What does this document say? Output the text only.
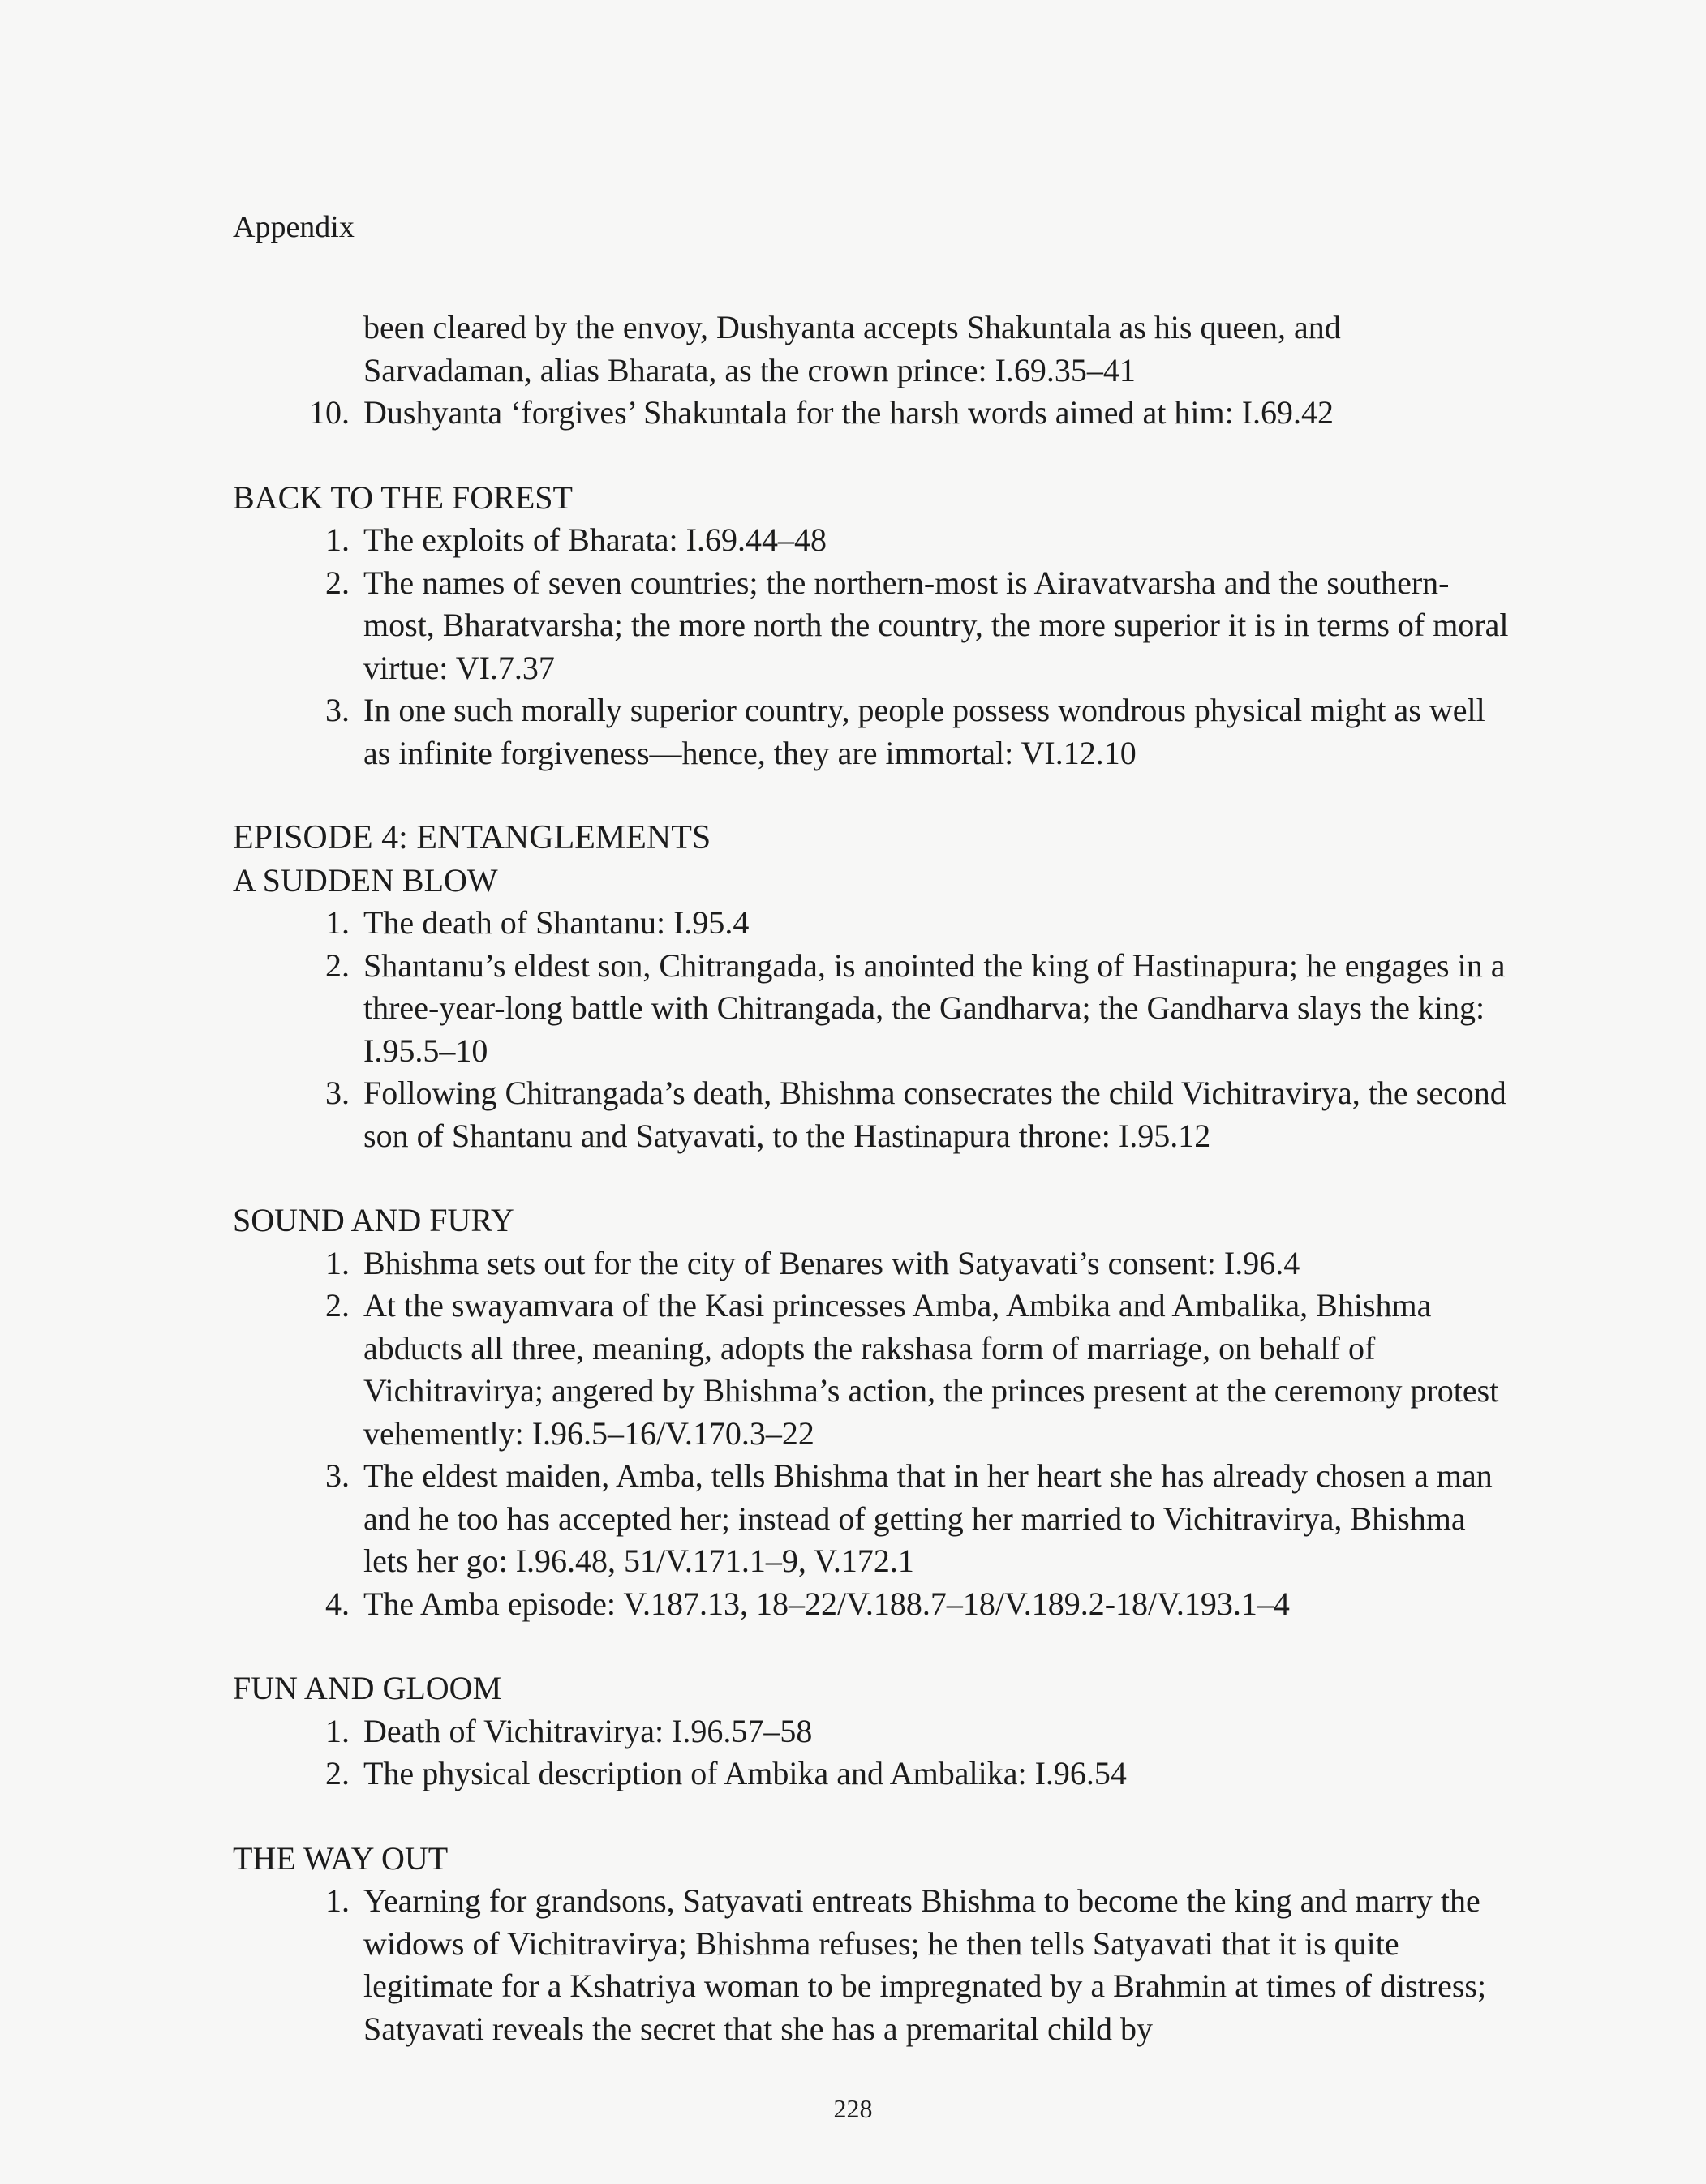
Appendix
been cleared by the envoy, Dushyanta accepts Shakuntala as his queen, and Sarvadaman, alias Bharata, as the crown prince: I.69.35–41
10. Dushyanta ‘forgives’ Shakuntala for the harsh words aimed at him: I.69.42
BACK TO THE FOREST
1. The exploits of Bharata: I.69.44–48
2. The names of seven countries; the northern-most is Airavatvarsha and the southern-most, Bharatvarsha; the more north the country, the more superior it is in terms of moral virtue: VI.7.37
3. In one such morally superior country, people possess wondrous physical might as well as infinite forgiveness—hence, they are immortal: VI.12.10
EPISODE 4: ENTANGLEMENTS
A SUDDEN BLOW
1. The death of Shantanu: I.95.4
2. Shantanu’s eldest son, Chitrangada, is anointed the king of Hastinapura; he engages in a three-year-long battle with Chitrangada, the Gandharva; the Gandharva slays the king: I.95.5–10
3. Following Chitrangada’s death, Bhishma consecrates the child Vichitravirya, the second son of Shantanu and Satyavati, to the Hastinapura throne: I.95.12
SOUND AND FURY
1. Bhishma sets out for the city of Benares with Satyavati’s consent: I.96.4
2. At the swayamvara of the Kasi princesses Amba, Ambika and Ambalika, Bhishma abducts all three, meaning, adopts the rakshasa form of marriage, on behalf of Vichitravirya; angered by Bhishma’s action, the princes present at the ceremony protest vehemently: I.96.5–16/V.170.3–22
3. The eldest maiden, Amba, tells Bhishma that in her heart she has already chosen a man and he too has accepted her; instead of getting her married to Vichitravirya, Bhishma lets her go: I.96.48, 51/V.171.1–9, V.172.1
4. The Amba episode: V.187.13, 18–22/V.188.7–18/V.189.2-18/V.193.1–4
FUN AND GLOOM
1. Death of Vichitravirya: I.96.57–58
2. The physical description of Ambika and Ambalika: I.96.54
THE WAY OUT
1. Yearning for grandsons, Satyavati entreats Bhishma to become the king and marry the widows of Vichitravirya; Bhishma refuses; he then tells Satyavati that it is quite legitimate for a Kshatriya woman to be impregnated by a Brahmin at times of distress; Satyavati reveals the secret that she has a premarital child by
228
